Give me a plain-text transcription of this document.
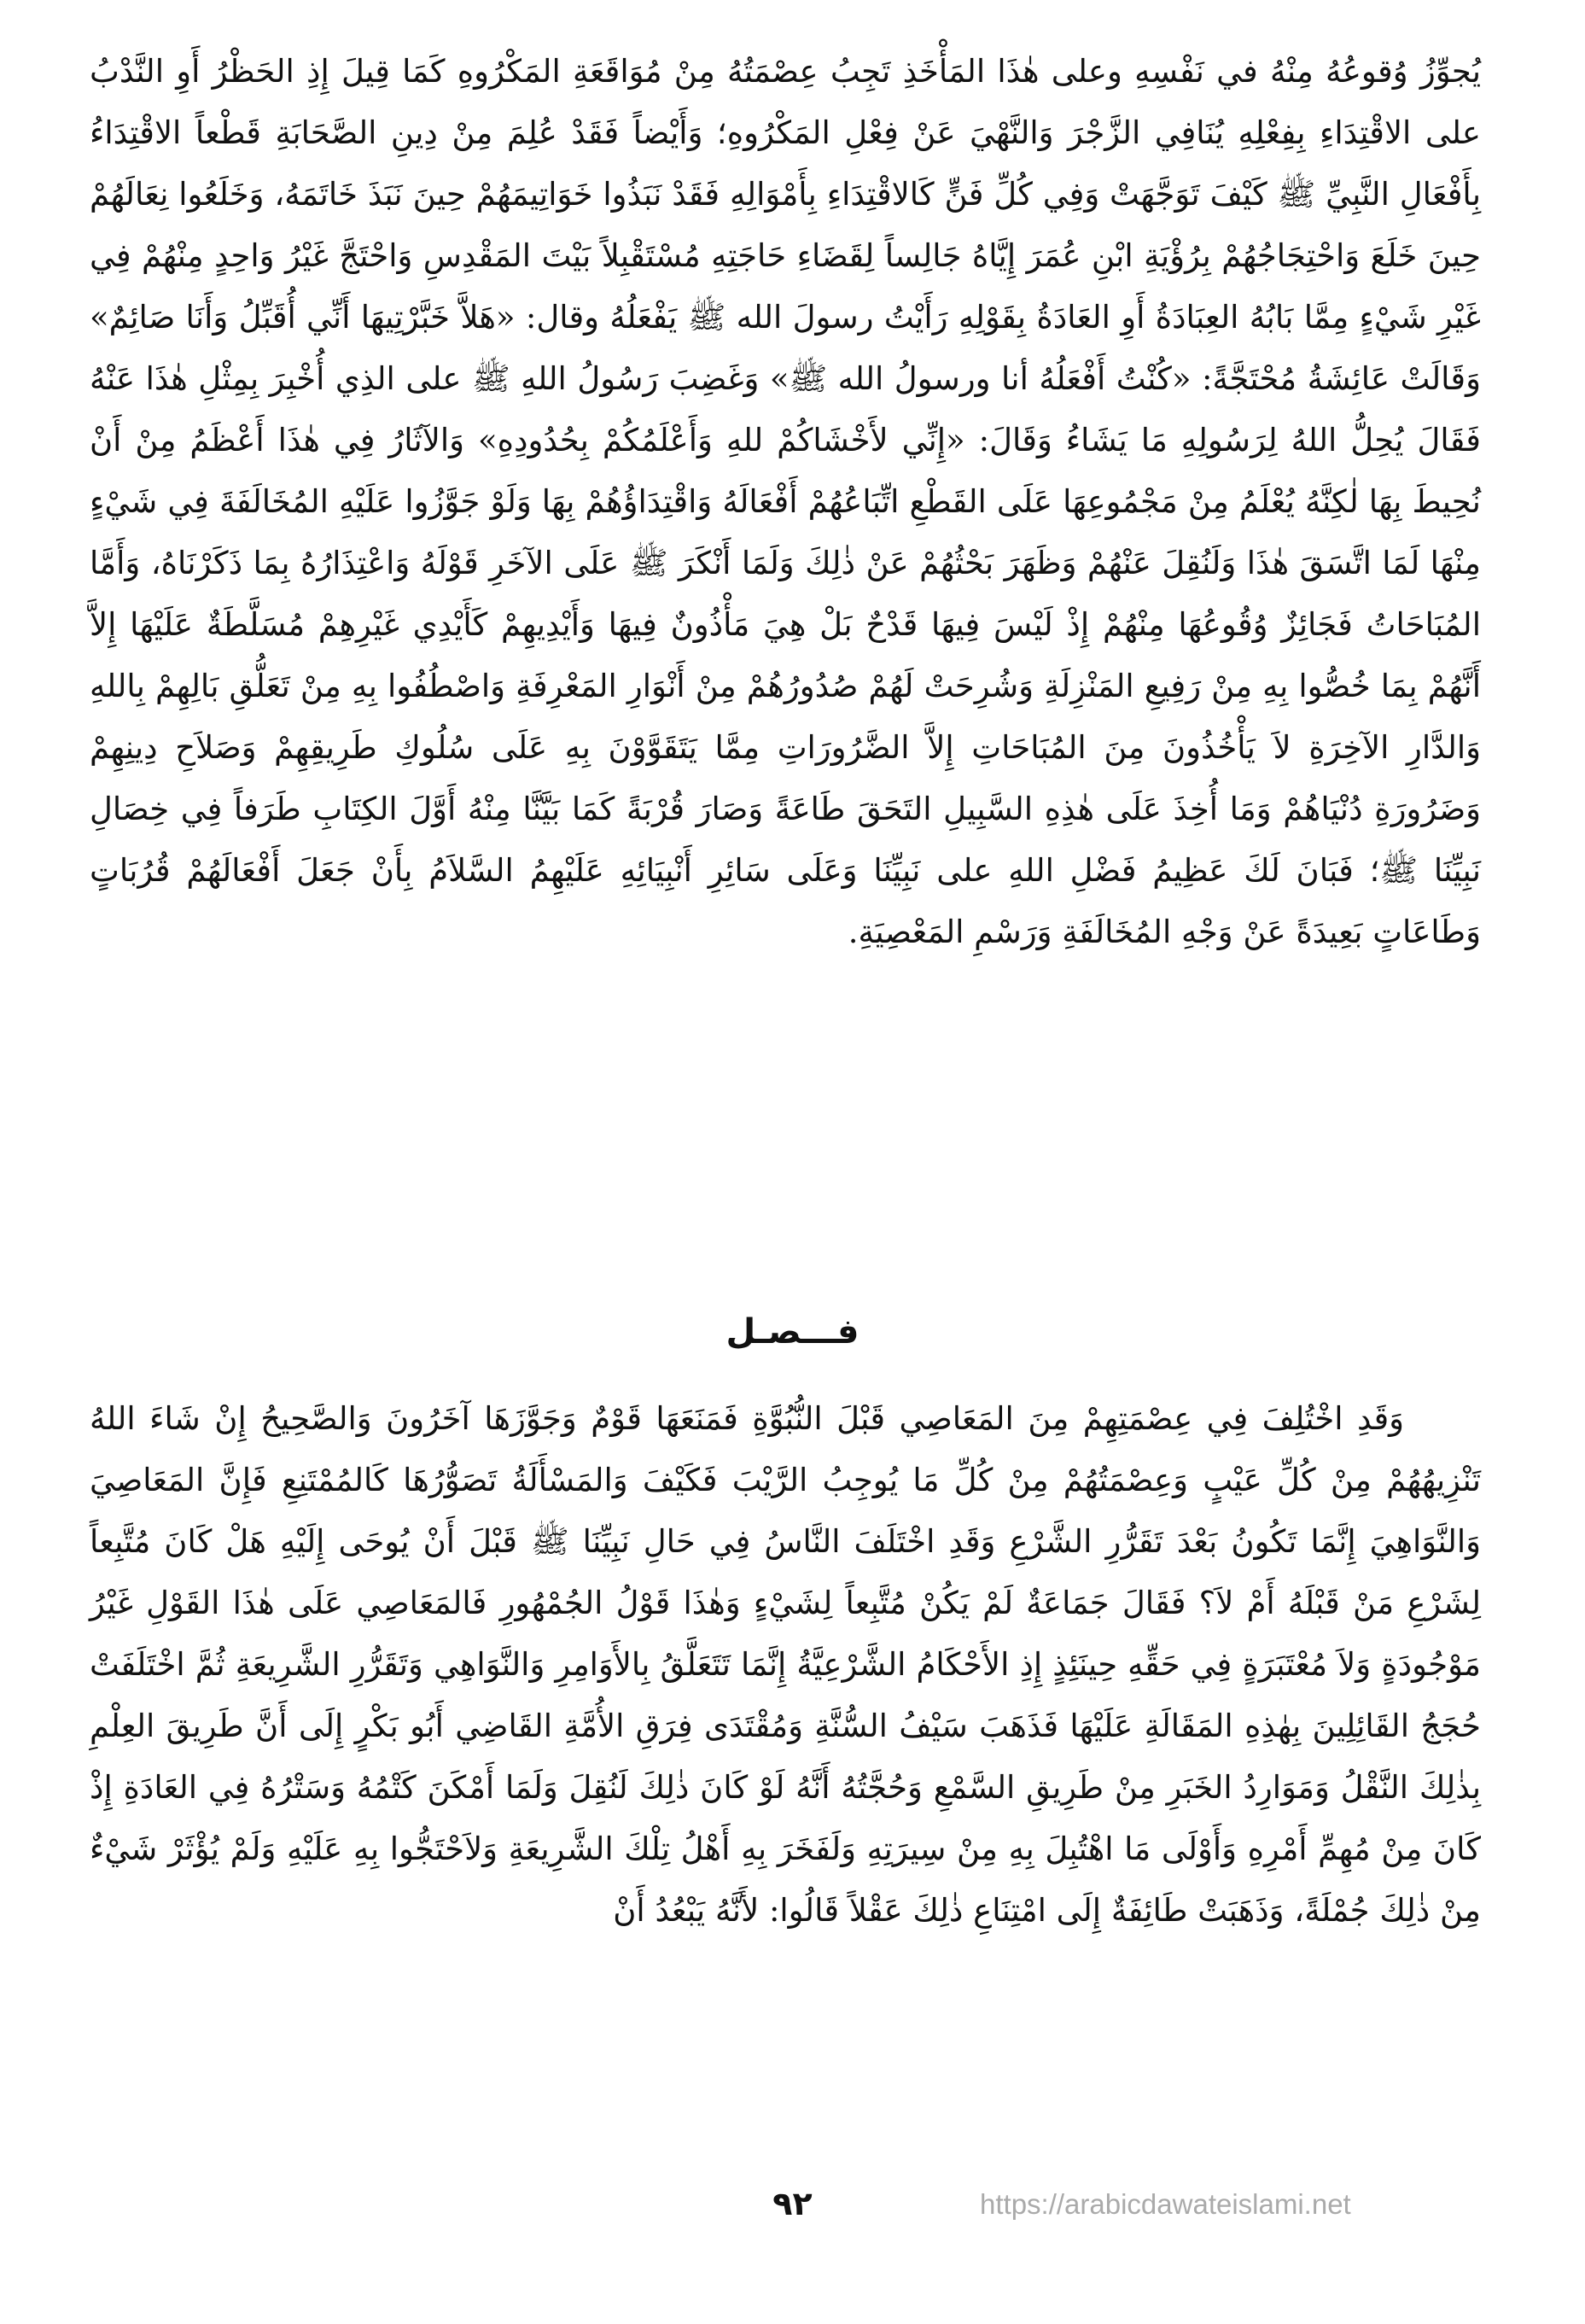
يُجوِّزُ وُقوعُهُ مِنْهُ في نَفْسِهِ وعلى هٰذَا المَأْخَذِ تَجِبُ عِصْمَتُهُ مِنْ مُوَاقَعَةِ المَكْرُوهِ كَمَا قِيلَ إِذِ الحَظْرُ أَوِ النَّدْبُ على الاقْتِدَاءِ بِفِعْلِهِ يُنَافِي الزَّجْرَ وَالنَّهْيَ عَنْ فِعْلِ المَكْرُوهِ؛ وَأَيْضاً فَقَدْ عُلِمَ مِنْ دِينِ الصَّحَابَةِ قَطْعاً الاقْتِدَاءُ بِأَفْعَالِ النَّبِيِّ ﷺ كَيْفَ تَوَجَّهَتْ وَفِي كُلِّ فَنٍّ كَالاقْتِدَاءِ بِأَمْوَالِهِ فَقَدْ نَبَذُوا خَوَاتِيمَهُمْ حِينَ نَبَذَ خَاتَمَهُ، وَخَلَعُوا نِعَالَهُمْ حِينَ خَلَعَ وَاحْتِجَاجُهُمْ بِرُؤْيَةِ ابْنِ عُمَرَ إِيَّاهُ جَالِساً لِقَضَاءِ حَاجَتِهِ مُسْتَقْبِلاً بَيْتَ المَقْدِسِ وَاحْتَجَّ غَيْرُ وَاحِدٍ مِنْهُمْ فِي غَيْرِ شَيْءٍ مِمَّا بَابُهُ العِبَادَةُ أَوِ العَادَةُ بِقَوْلِهِ رَأَيْتُ رسولَ الله ﷺ يَفْعَلُهُ وقال: «هَلاَّ خَبَّرْتِيهَا أَنِّي أُقَبِّلُ وَأَنَا صَائِمٌ» وَقَالَتْ عَائِشَةُ مُحْتَجَّةً: «كُنْتُ أَفْعَلُهُ أنا ورسولُ الله ﷺ» وَغَضِبَ رَسُولُ اللهِ ﷺ على الذِي أُخْبِرَ بِمِثْلِ هٰذَا عَنْهُ فَقَالَ يُحِلُّ اللهُ لِرَسُولِهِ مَا يَشَاءُ وَقَالَ: «إِنِّي لأَخْشَاكُمْ للهِ وَأَعْلَمُكُمْ بِحُدُودِهِ» وَالآثَارُ فِي هٰذَا أَعْظَمُ مِنْ أَنْ نُحِيطَ بِهَا لٰكِنَّهُ يُعْلَمُ مِنْ مَجْمُوعِهَا عَلَى القَطْعِ اتِّبَاعُهُمْ أَفْعَالَهُ وَاقْتِدَاؤُهُمْ بِهَا وَلَوْ جَوَّزُوا عَلَيْهِ المُخَالَفَةَ فِي شَيْءٍ مِنْهَا لَمَا اتَّسَقَ هٰذَا وَلَنُقِلَ عَنْهُمْ وَظَهَرَ بَحْثُهُمْ عَنْ ذٰلِكَ وَلَمَا أَنْكَرَ ﷺ عَلَى الآخَرِ قَوْلَهُ وَاعْتِذَارُهُ بِمَا ذَكَرْنَاهُ، وَأَمَّا المُبَاحَاتُ فَجَائِزٌ وُقُوعُهَا مِنْهُمْ إِذْ لَيْسَ فِيهَا قَدْحٌ بَلْ هِيَ مَأْذُونٌ فِيهَا وَأَيْدِيهِمْ كَأَيْدِي غَيْرِهِمْ مُسَلَّطَةٌ عَلَيْهَا إِلاَّ أَنَّهُمْ بِمَا خُصُّوا بِهِ مِنْ رَفِيعِ المَنْزِلَةِ وَشُرِحَتْ لَهُمْ صُدُورُهُمْ مِنْ أَنْوَارِ المَعْرِفَةِ وَاصْطُفُوا بِهِ مِنْ تَعَلُّقِ بَالِهِمْ بِاللهِ وَالدَّارِ الآخِرَةِ لاَ يَأْخُذُونَ مِنَ المُبَاحَاتِ إِلاَّ الضَّرُورَاتِ مِمَّا يَتَقَوَّوْنَ بِهِ عَلَى سُلُوكِ طَرِيقِهِمْ وَصَلاَحِ دِينِهِمْ وَضَرُورَةِ دُنْيَاهُمْ وَمَا أُخِذَ عَلَى هٰذِهِ السَّبِيلِ التَحَقَ طَاعَةً وَصَارَ قُرْبَةً كَمَا بَيَّنَّا مِنْهُ أَوَّلَ الكِتَابِ طَرَفاً فِي خِصَالِ نَبِيِّنَا ﷺ؛ فَبَانَ لَكَ عَظِيمُ فَضْلِ اللهِ على نَبِيِّنَا وَعَلَى سَائِرِ أَنْبِيَائِهِ عَلَيْهِمُ السَّلاَمُ بِأَنْ جَعَلَ أَفْعَالَهُمْ قُرُبَاتٍ وَطَاعَاتٍ بَعِيدَةً عَنْ وَجْهِ المُخَالَفَةِ وَرَسْمِ المَعْصِيَةِ.

فـــصـل

وَقَدِ اخْتُلِفَ فِي عِصْمَتِهِمْ مِنَ المَعَاصِي قَبْلَ النُّبُوَّةِ فَمَنَعَهَا قَوْمٌ وَجَوَّزَهَا آخَرُونَ وَالصَّحِيحُ إِنْ شَاءَ اللهُ تَنْزِيهُهُمْ مِنْ كُلِّ عَيْبٍ وَعِصْمَتُهُمْ مِنْ كُلِّ مَا يُوجِبُ الرَّيْبَ فَكَيْفَ وَالمَسْأَلَةُ تَصَوُّرُهَا كَالمُمْتَنِعِ فَإِنَّ المَعَاصِيَ وَالنَّوَاهِيَ إِنَّمَا تَكُونُ بَعْدَ تَقَرُّرِ الشَّرْعِ وَقَدِ اخْتَلَفَ النَّاسُ فِي حَالِ نَبِيِّنَا ﷺ قَبْلَ أَنْ يُوحَى إِلَيْهِ هَلْ كَانَ مُتَّبِعاً لِشَرْعِ مَنْ قَبْلَهُ أَمْ لاَ؟ فَقَالَ جَمَاعَةٌ لَمْ يَكُنْ مُتَّبِعاً لِشَيْءٍ وَهٰذَا قَوْلُ الجُمْهُورِ فَالمَعَاصِي عَلَى هٰذَا القَوْلِ غَيْرُ مَوْجُودَةٍ وَلاَ مُعْتَبَرَةٍ فِي حَقِّهِ حِينَئِذٍ إِذِ الأَحْكَامُ الشَّرْعِيَّةُ إِنَّمَا تَتَعَلَّقُ بِالأَوَامِرِ وَالنَّوَاهِي وَتَقَرُّرِ الشَّرِيعَةِ ثُمَّ اخْتَلَفَتْ حُجَجُ القَائِلِينَ بِهٰذِهِ المَقَالَةِ عَلَيْهَا فَذَهَبَ سَيْفُ السُّنَّةِ وَمُقْتَدَى فِرَقِ الأُمَّةِ القَاضِي أَبُو بَكْرٍ إِلَى أَنَّ طَرِيقَ العِلْمِ بِذٰلِكَ النَّقْلُ وَمَوَارِدُ الخَبَرِ مِنْ طَرِيقِ السَّمْعِ وَحُجَّتُهُ أَنَّهُ لَوْ كَانَ ذٰلِكَ لَنُقِلَ وَلَمَا أَمْكَنَ كَتْمُهُ وَسَتْرُهُ فِي العَادَةِ إِذْ كَانَ مِنْ مُهِمِّ أَمْرِهِ وَأَوْلَى مَا اهْتُبِلَ بِهِ مِنْ سِيرَتِهِ وَلَفَخَرَ بِهِ أَهْلُ تِلْكَ الشَّرِيعَةِ وَلاَحْتَجُّوا بِهِ عَلَيْهِ وَلَمْ يُؤْثَرْ شَيْءٌ مِنْ ذٰلِكَ جُمْلَةً، وَذَهَبَتْ طَائِفَةٌ إِلَى امْتِنَاعِ ذٰلِكَ عَقْلاً قَالُوا: لأَنَّهُ يَبْعُدُ أَنْ

٩٢	https://arabicdawateislami.net
